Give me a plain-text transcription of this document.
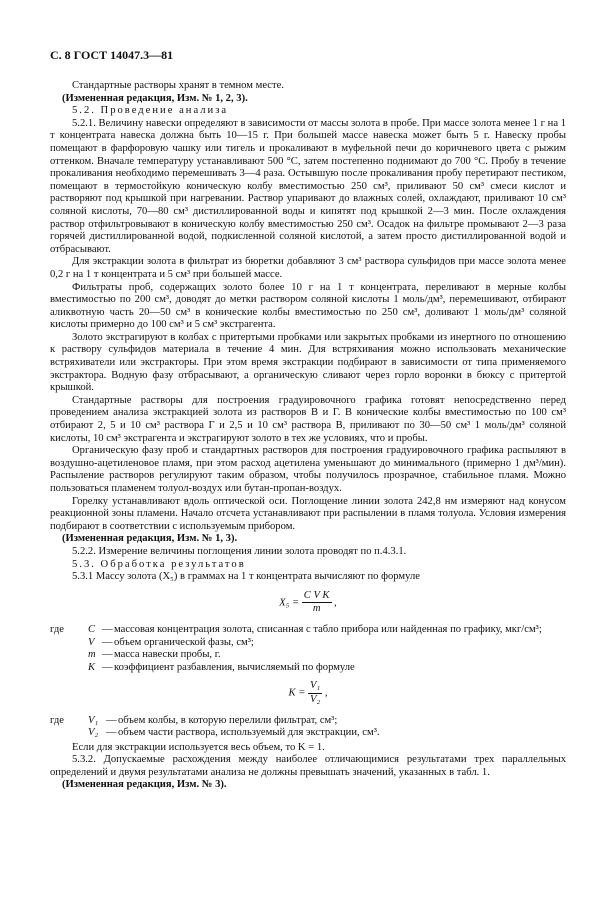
С. 8 ГОСТ 14047.3—81

Стандартные растворы хранят в темном месте.

(Измененная редакция, Изм. № 1, 2, 3).

5.2. Проведение анализа

5.2.1. Величину навески определяют в зависимости от массы золота в пробе. При массе золота менее 1 г на 1 т концентрата навеска должна быть 10—15 г. При большей массе навеска может быть 5 г. Навеску пробы помещают в фарфоровую чашку или тигель и прокаливают в муфельной печи до коричневого цвета с рыжим оттенком. Вначале температуру устанавливают 500 °С, затем постепенно поднимают до 700 °С. Пробу в течение прокаливания необходимо перемешивать 3—4 раза. Остывшую после прокаливания пробу перетирают пестиком, помещают в термостойкую коническую колбу вместимостью 250 см³, приливают 50 см³ смеси кислот и растворяют под крышкой при нагревании. Раствор упаривают до влажных солей, охлаждают, приливают 10 см³ соляной кислоты, 70—80 см³ дистиллированной воды и кипятят под крышкой 2—3 мин. После охлаждения раствор отфильтровывают в коническую колбу вместимостью 250 см³. Осадок на фильтре промывают 2—3 раза горячей дистиллированной водой, подкисленной соляной кислотой, а затем просто дистиллированной водой и отбрасывают.

Для экстракции золота в фильтрат из бюретки добавляют 3 см³ раствора сульфидов при массе золота менее 0,2 г на 1 т концентрата и 5 см³ при большей массе.

Фильтраты проб, содержащих золото более 10 г на 1 т концентрата, переливают в мерные колбы вместимостью по 200 см³, доводят до метки раствором соляной кислоты 1 моль/дм³, перемешивают, отбирают аликвотную часть 20—50 см³ в конические колбы вместимостью по 250 см³, доливают 1 моль/дм³ соляной кислоты примерно до 100 см³ и 5 см³ экстрагента.

Золото экстрагируют в колбах с притертыми пробками или закрытых пробками из инертного по отношению к раствору сульфидов материала в течение 4 мин. Для встряхивания можно использовать механические встряхиватели или экстракторы. При этом время экстракции подбирают в зависимости от типа применяемого экстрактора. Водную фазу отбрасывают, а органическую сливают через горло воронки в бюксу с притертой крышкой.

Стандартные растворы для построения градуировочного графика готовят непосредственно перед проведением анализа экстракцией золота из растворов В и Г. В конические колбы вместимостью по 100 см³ отбирают 2, 5 и 10 см³ раствора Г и 2,5 и 10 см³ раствора В, приливают по 30—50 см³ 1 моль/дм³ соляной кислоты, 10 см³ экстрагента и экстрагируют золото в тех же условиях, что и пробы.

Органическую фазу проб и стандартных растворов для построения градуировочного графика распыляют в воздушно-ацетиленовое пламя, при этом расход ацетилена уменьшают до минимального (примерно 1 дм³/мин). Распыление растворов регулируют таким образом, чтобы получилось прозрачное, стабильное пламя. Можно пользоваться пламенем толуол-воздух или бутан-пропан-воздух.

Горелку устанавливают вдоль оптической оси. Поглощение линии золота 242,8 нм измеряют над конусом реакционной зоны пламени. Начало отсчета устанавливают при распылении в пламя толуола. Условия измерения подбирают в соответствии с используемым прибором.

(Измененная редакция, Изм. № 1, 3).

5.2.2. Измерение величины поглощения линии золота проводят по п.4.3.1.

5.3. Обработка результатов

5.3.1 Массу золота (X₅) в граммах на 1 т концентрата вычисляют по формуле

$X_5 = \frac{\text{C V K}}{m}$ ,
где	C — массовая концентрация золота, списанная с табло прибора или найденная по графику, мкг/см³;
V — объем органической фазы, см³;
m — масса навески пробы, г.
K — коэффициент разбавления, вычисляемый по формуле
$K = \frac{\text{V₁}}{\text{V₂}}$ ,
где	V₁ — объем колбы, в которую перелили фильтрат, см³;
V₂ — объем части раствора, используемый для экстракции, см³.

Если для экстракции используется весь объем, то K = 1.

5.3.2. Допускаемые расхождения между наиболее отличающимися результатами трех параллельных определений и двумя результатами анализа не должны превышать значений, указанных в табл. 1.

(Измененная редакция, Изм. № 3).
